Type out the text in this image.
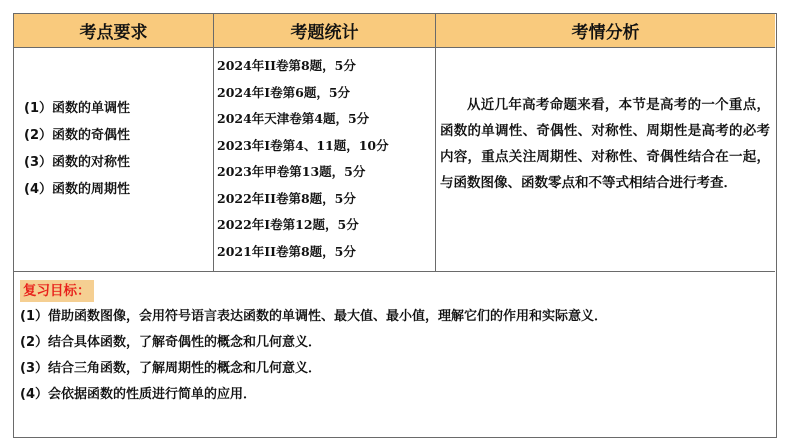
考点要求	考题统计	考情分析
(1）函数的单调性
(2）函数的奇偶性
(3）函数的对称性
(4）函数的周期性
2024年II卷第8题，5分
2024年I卷第6题，5分
2024年天津卷第4题，5分
2023年I卷第4、11题，10分
2023年甲卷第13题，5分
2022年II卷第8题，5分
2022年I卷第12题，5分
2021年II卷第8题，5分

从近几年高考命题来看，本节是高考的一个重点，函数的单调性、奇偶性、对称性、周期性是高考的必考内容，重点关注周期性、对称性、奇偶性结合在一起，与函数图像、函数零点和不等式相结合进行考查．

复习目标：
(1）借助函数图像，会用符号语言表达函数的单调性、最大值、最小值，理解它们的作用和实际意义．
(2）结合具体函数，了解奇偶性的概念和几何意义．
(3）结合三角函数，了解周期性的概念和几何意义．
(4）会依据函数的性质进行简单的应用．
